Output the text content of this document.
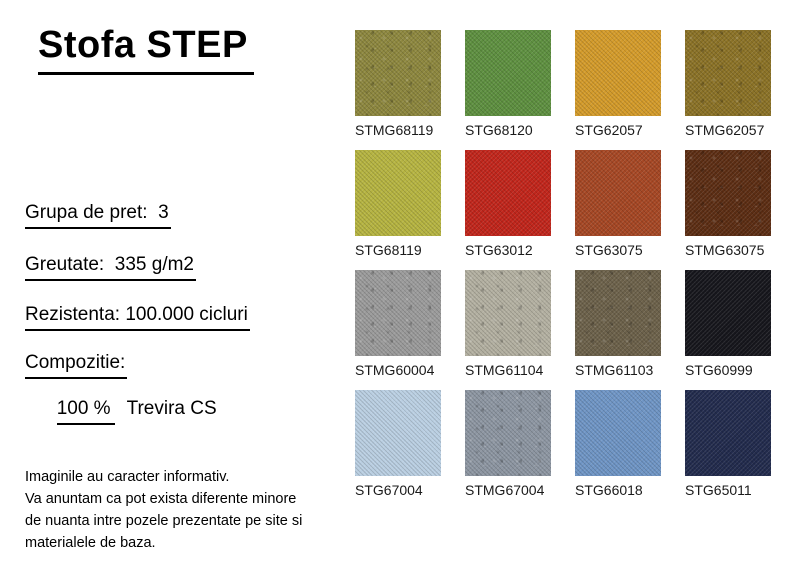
Stofa STEP
Grupa de pret:  3
Greutate:  335 g/m2
Rezistenta: 100.000 cicluri
Compozitie:

100 % Trevira CS

Imaginile au caracter informativ.
Va anuntam ca pot exista diferente minore
de nuanta intre pozele prezentate pe site si
materialele de baza.
STMG68119	STG68120	STG62057	STMG62057
STG68119	STG63012	STG63075	STMG63075
STMG60004	STMG61104	STMG61103	STG60999
STG67004	STMG67004	STG66018	STG65011
